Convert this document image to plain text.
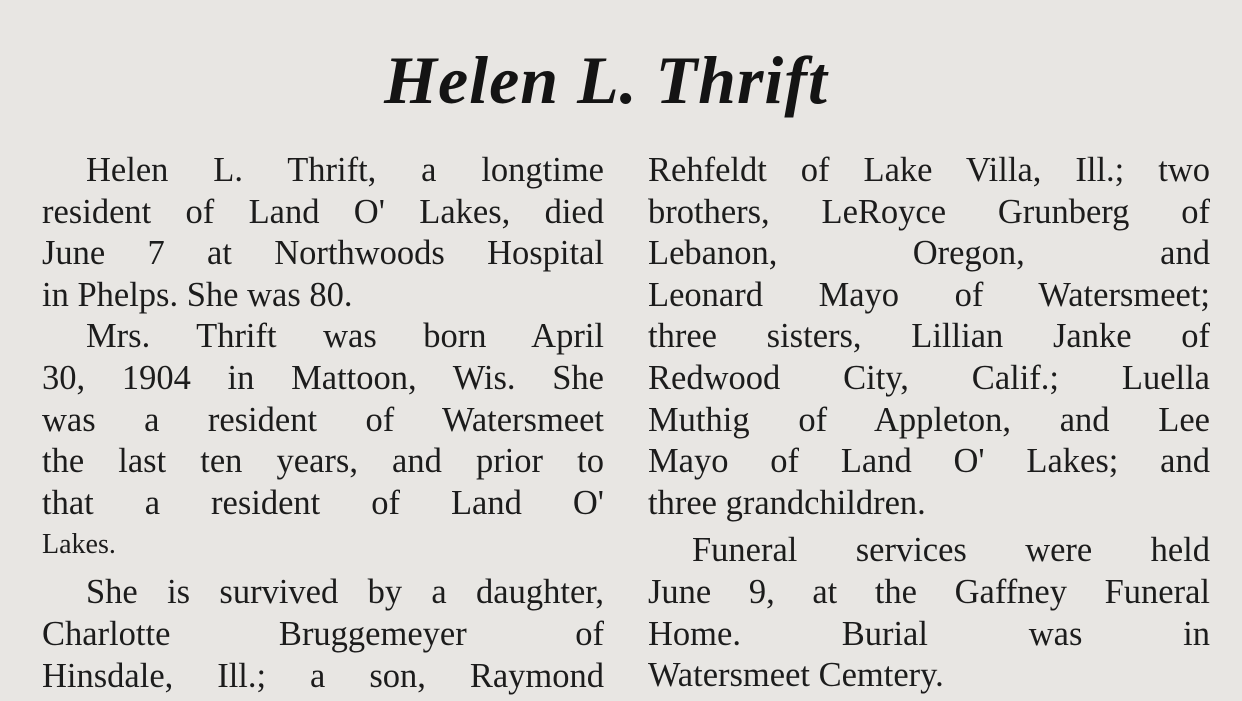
Helen L. Thrift
Helen L. Thrift, a longtime
resident of Land O' Lakes, died
June 7 at Northwoods Hospital
in Phelps. She was 80.
Mrs. Thrift was born April
30, 1904 in Mattoon, Wis. She
was a resident of Watersmeet
the last ten years, and prior to
that a resident of Land O'
Lakes.
She is survived by a daughter,
Charlotte Bruggemeyer of
Hinsdale, Ill.; a son, Raymond
Rehfeldt of Lake Villa, Ill.; two
brothers, LeRoyce Grunberg of
Lebanon, Oregon, and
Leonard Mayo of Watersmeet;
three sisters, Lillian Janke of
Redwood City, Calif.; Luella
Muthig of Appleton, and Lee
Mayo of Land O' Lakes; and
three grandchildren.
Funeral services were held
June 9, at the Gaffney Funeral
Home. Burial was in
Watersmeet Cemtery.
